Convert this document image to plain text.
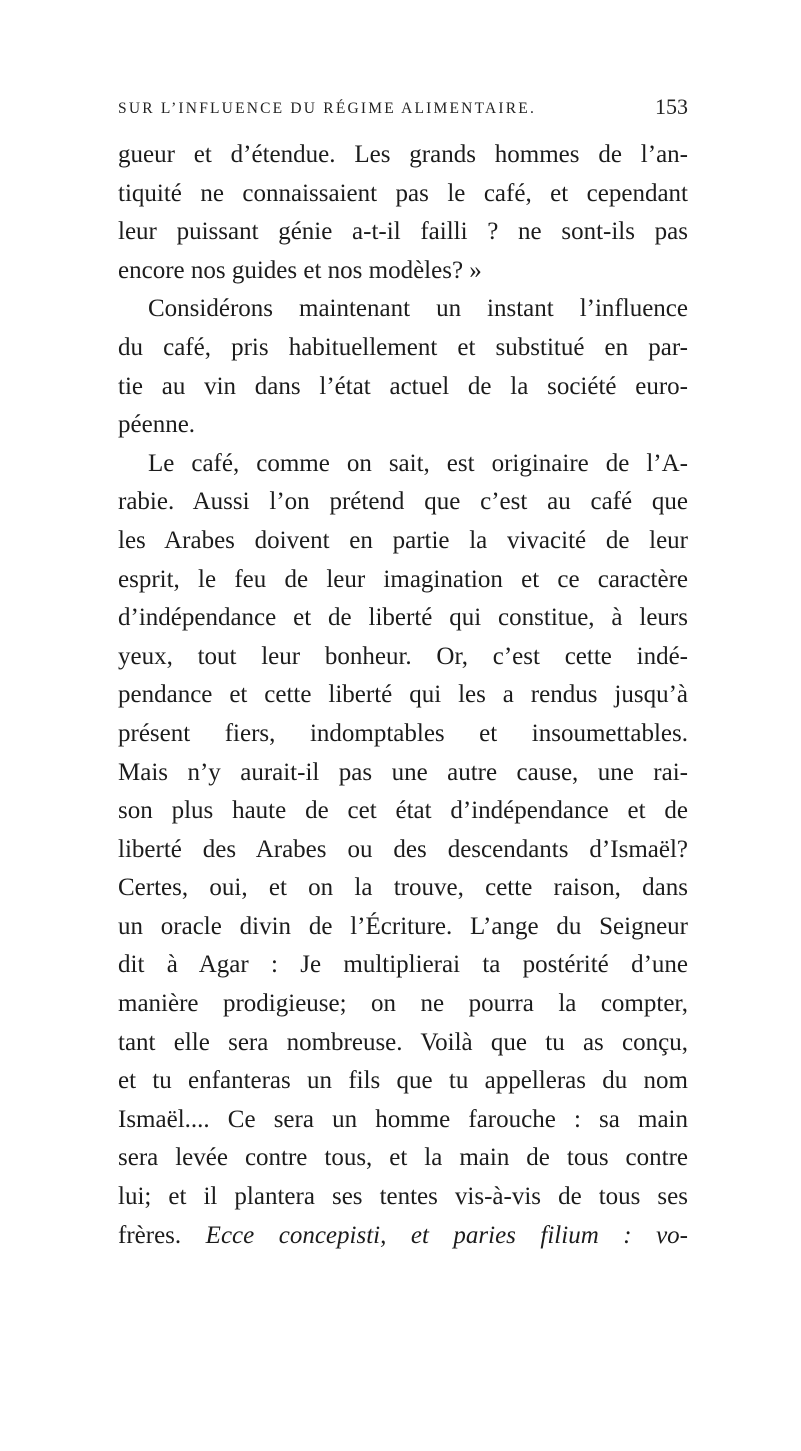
SUR L’INFLUENCE DU RÉGIME ALIMENTAIRE.	153
gueur et d’étendue. Les grands hommes de l’an-
tiquité ne connaissaient pas le café, et cependant
leur puissant génie a-t-il failli ? ne sont-ils pas
encore nos guides et nos modèles? »
Considérons maintenant un instant l’influence
du café, pris habituellement et substitué en par-
tie au vin dans l’état actuel de la société euro-
péenne.
Le café, comme on sait, est originaire de l’A-
rabie. Aussi l’on prétend que c’est au café que
les Arabes doivent en partie la vivacité de leur
esprit, le feu de leur imagination et ce caractère
d’indépendance et de liberté qui constitue, à leurs
yeux, tout leur bonheur. Or, c’est cette indé-
pendance et cette liberté qui les a rendus jusqu’à
présent fiers, indomptables et insoumettables.
Mais n’y aurait-il pas une autre cause, une rai-
son plus haute de cet état d’indépendance et de
liberté des Arabes ou des descendants d’Ismaël?
Certes, oui, et on la trouve, cette raison, dans
un oracle divin de l’Écriture. L’ange du Seigneur
dit à Agar : Je multiplierai ta postérité d’une
manière prodigieuse; on ne pourra la compter,
tant elle sera nombreuse. Voilà que tu as conçu,
et tu enfanteras un fils que tu appelleras du nom
Ismaël.... Ce sera un homme farouche : sa main
sera levée contre tous, et la main de tous contre
lui; et il plantera ses tentes vis-à-vis de tous ses
frères. Ecce concepisti, et paries filium : vo-
